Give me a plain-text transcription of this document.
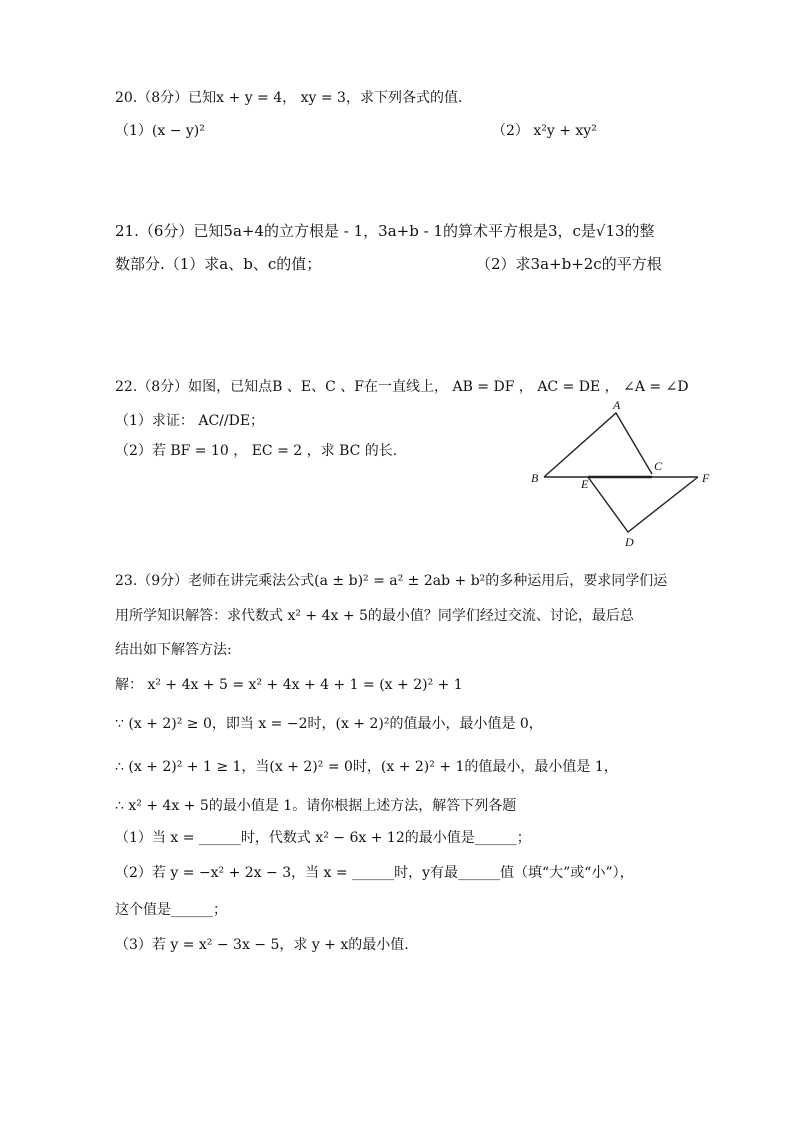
20.（8分）已知x + y = 4， xy = 3，求下列各式的值.
（1）(x − y)²	（2） x²y + xy²
21.（6分）已知5a+4的立方根是 - 1，3a+b - 1的算术平方根是3，c是√13的整
数部分.（1）求a、b、c的值；	（2）求3a+b+2c的平方根
22.（8分）如图，已知点B 、E、C 、F在一直线上， AB = DF ， AC = DE ， ∠A = ∠D
（1）求证： AC//DE；
（2）若 BF = 10 ， EC = 2 ，求 BC 的长.
A
B
C
D
E	F
23.（9分）老师在讲完乘法公式(a ± b)² = a² ± 2ab + b²的多种运用后，要求同学们运
用所学知识解答：求代数式 x² + 4x + 5的最小值？同学们经过交流、讨论，最后总
结出如下解答方法:
解： x² + 4x + 5 = x² + 4x + 4 + 1 = (x + 2)² + 1
∵ (x + 2)² ≥ 0，即当 x = −2时，(x + 2)²的值最小，最小值是 0，
∴ (x + 2)² + 1 ≥ 1，当(x + 2)² = 0时，(x + 2)² + 1的值最小，最小值是 1，
∴ x² + 4x + 5的最小值是 1。请你根据上述方法，解答下列各题
（1）当 x = ______时，代数式 x² − 6x + 12的最小值是______；
（2）若 y = −x² + 2x − 3，当 x = ______时，y有最______值（填“大”或“小”），
这个值是______；
（3）若 y = x² − 3x − 5，求 y + x的最小值.
